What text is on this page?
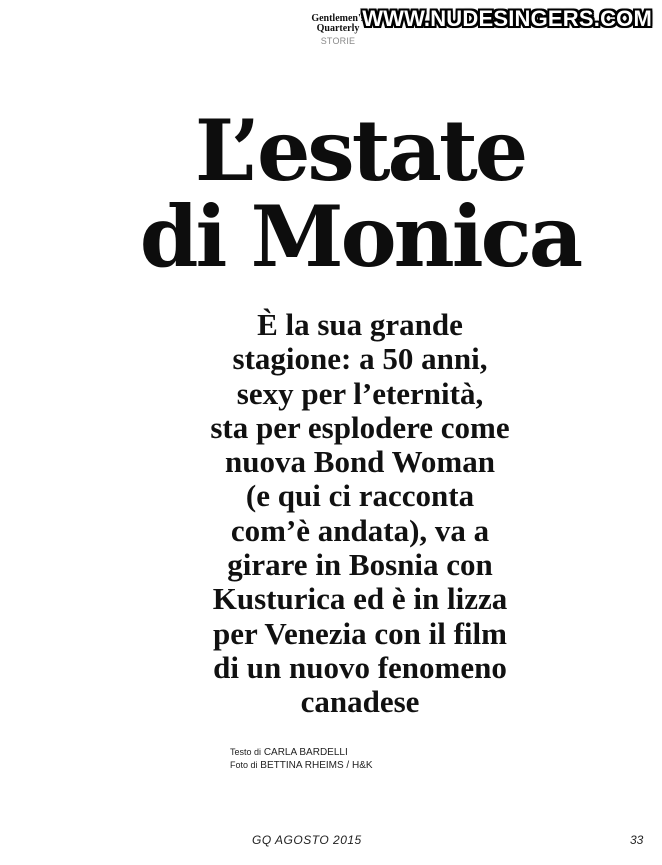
Gentlemen's
Quarterly
STORIE
WWW.NUDESINGERS.COM
L’estate
di Monica

È la sua grande
stagione: a 50 anni,
sexy per l’eternità,
sta per esplodere come
nuova Bond Woman
(e qui ci racconta
com’è andata), va a
girare in Bosnia con
Kusturica ed è in lizza
per Venezia con il film
di un nuovo fenomeno
canadese

Testo di CARLA BARDELLI
Foto di BETTINA RHEIMS / H&K
GQ AGOSTO 2015	33
